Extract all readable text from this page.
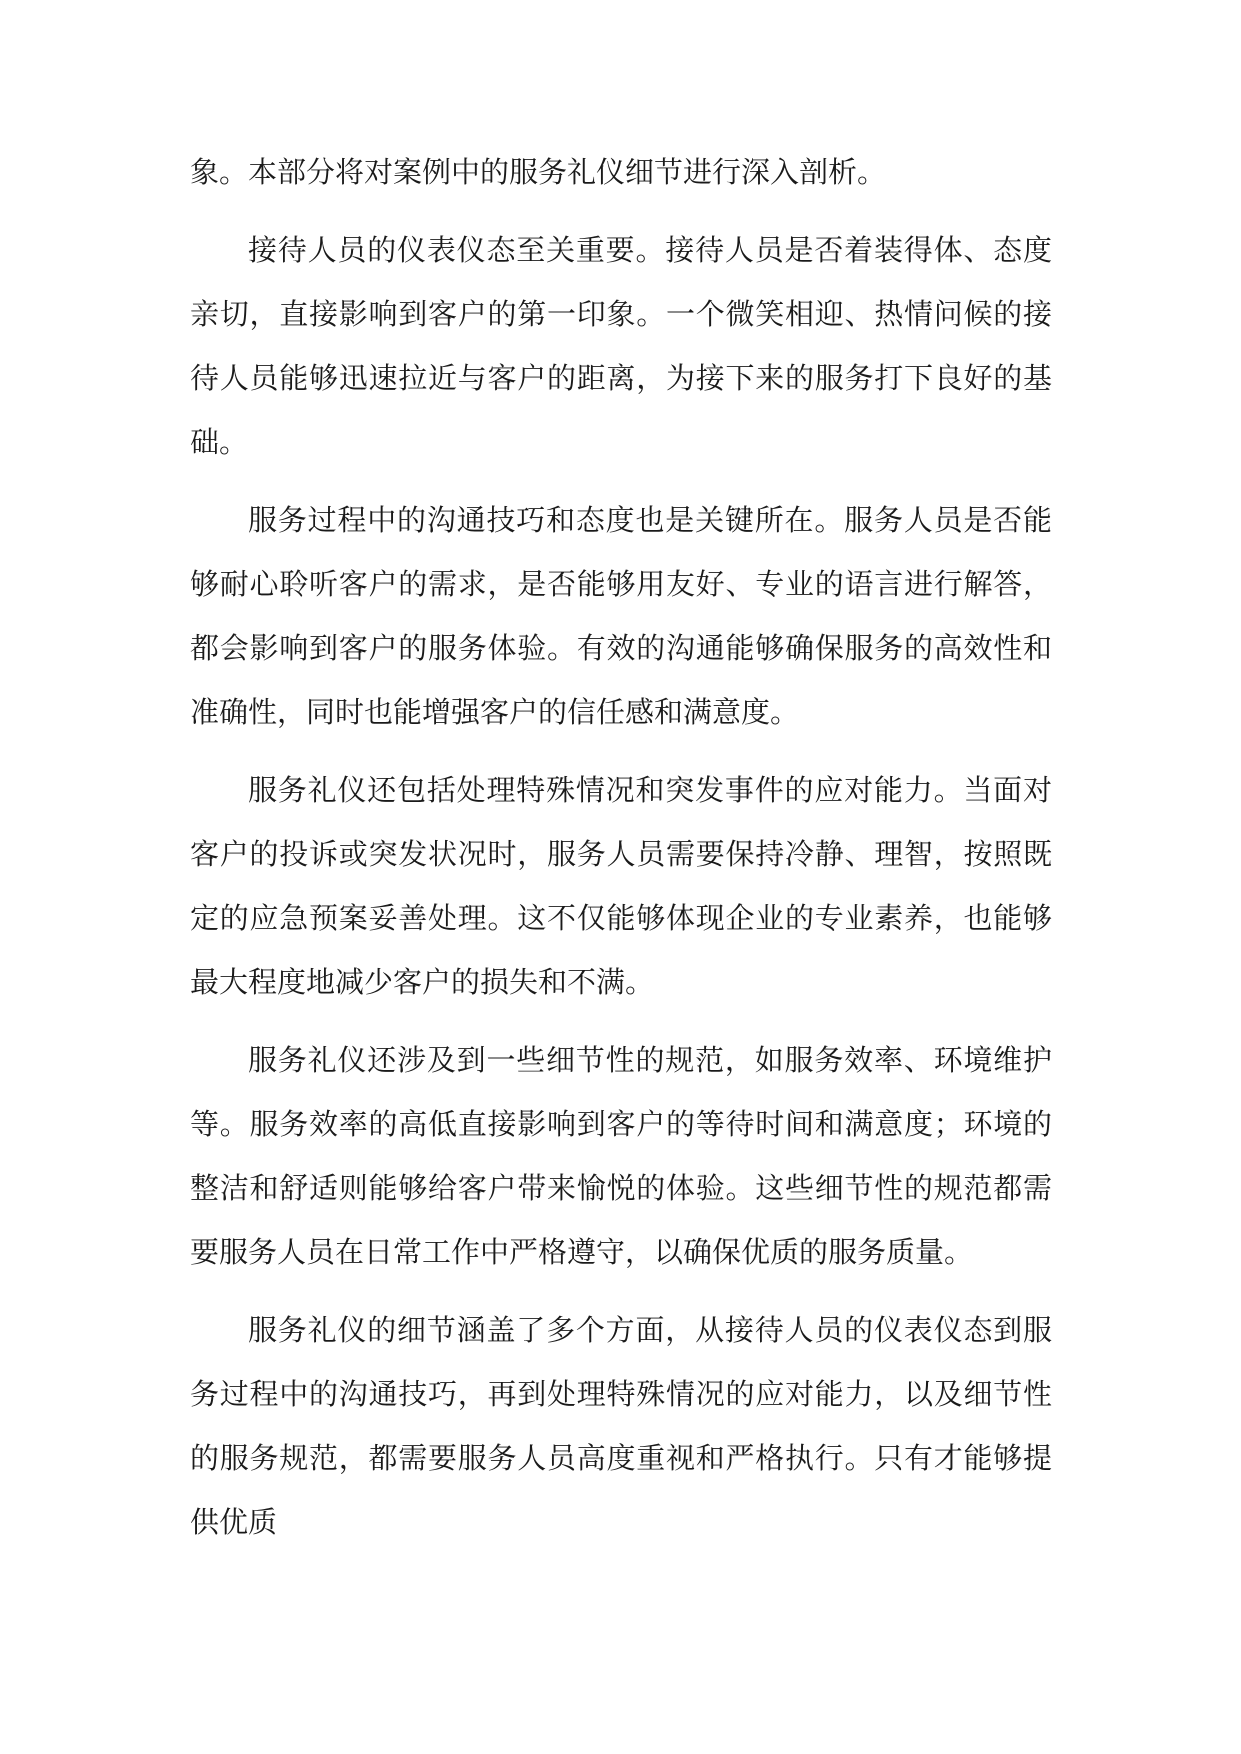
象。本部分将对案例中的服务礼仪细节进行深入剖析。

接待人员的仪表仪态至关重要。接待人员是否着装得体、态度亲切，直接影响到客户的第一印象。一个微笑相迎、热情问候的接待人员能够迅速拉近与客户的距离，为接下来的服务打下良好的基础。

服务过程中的沟通技巧和态度也是关键所在。服务人员是否能够耐心聆听客户的需求，是否能够用友好、专业的语言进行解答，都会影响到客户的服务体验。有效的沟通能够确保服务的高效性和准确性，同时也能增强客户的信任感和满意度。

服务礼仪还包括处理特殊情况和突发事件的应对能力。当面对客户的投诉或突发状况时，服务人员需要保持冷静、理智，按照既定的应急预案妥善处理。这不仅能够体现企业的专业素养，也能够最大程度地减少客户的损失和不满。

服务礼仪还涉及到一些细节性的规范，如服务效率、环境维护等。服务效率的高低直接影响到客户的等待时间和满意度；环境的整洁和舒适则能够给客户带来愉悦的体验。这些细节性的规范都需要服务人员在日常工作中严格遵守，以确保优质的服务质量。

服务礼仪的细节涵盖了多个方面，从接待人员的仪表仪态到服务过程中的沟通技巧，再到处理特殊情况的应对能力，以及细节性的服务规范，都需要服务人员高度重视和严格执行。只有才能够提供优质
